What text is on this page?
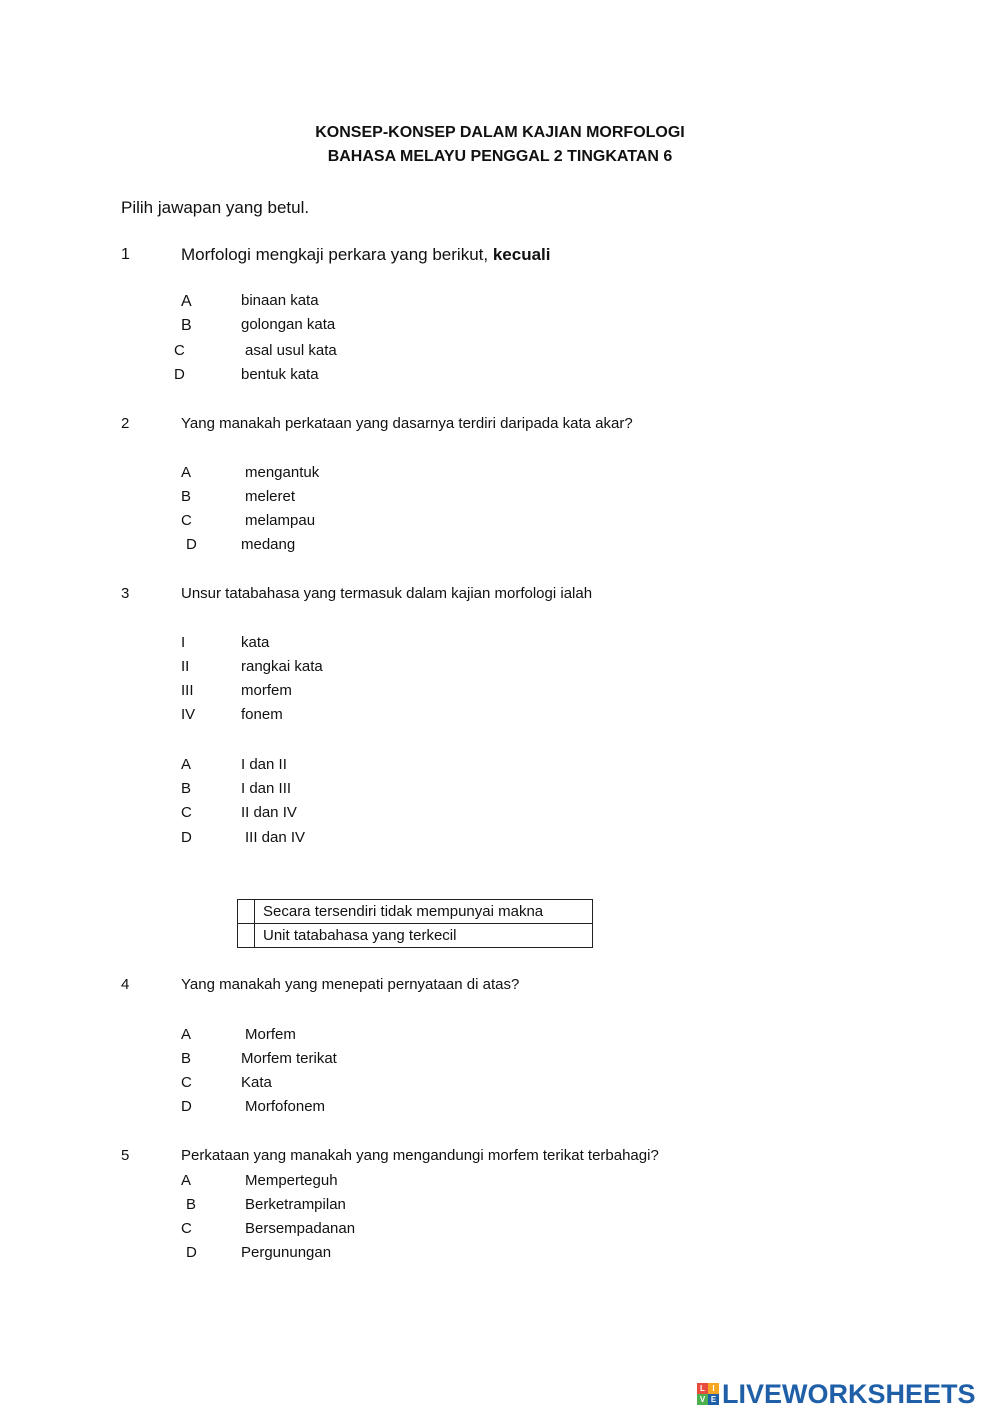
KONSEP-KONSEP DALAM KAJIAN MORFOLOGI
BAHASA MELAYU PENGGAL 2 TINGKATAN 6
Pilih jawapan yang betul.
1	Morfologi mengkaji perkara yang berikut, kecuali
A	binaan kata
B	golongan kata
C	asal usul kata
D	bentuk kata
2	Yang manakah perkataan yang dasarnya terdiri daripada kata akar?
A	mengantuk
B	meleret
C	melampau
D	medang
3	Unsur tatabahasa yang termasuk dalam kajian morfologi ialah
I	kata
II	rangkai kata
III	morfem
IV	fonem
A	I dan II
B	I dan III
C	II dan IV
D	III dan IV
	Secara tersendiri tidak mempunyai makna
	Unit tatabahasa yang terkecil
4	Yang manakah yang menepati pernyataan di atas?
A	Morfem
B	Morfem terikat
C	Kata
D	Morfofonem
5	Perkataan yang manakah yang mengandungi morfem terikat terbahagi?
A	Memperteguh
B	Berketrampilan
C	Bersempadanan
D	Pergunungan
L I
V E LIVEWORKSHEETS
